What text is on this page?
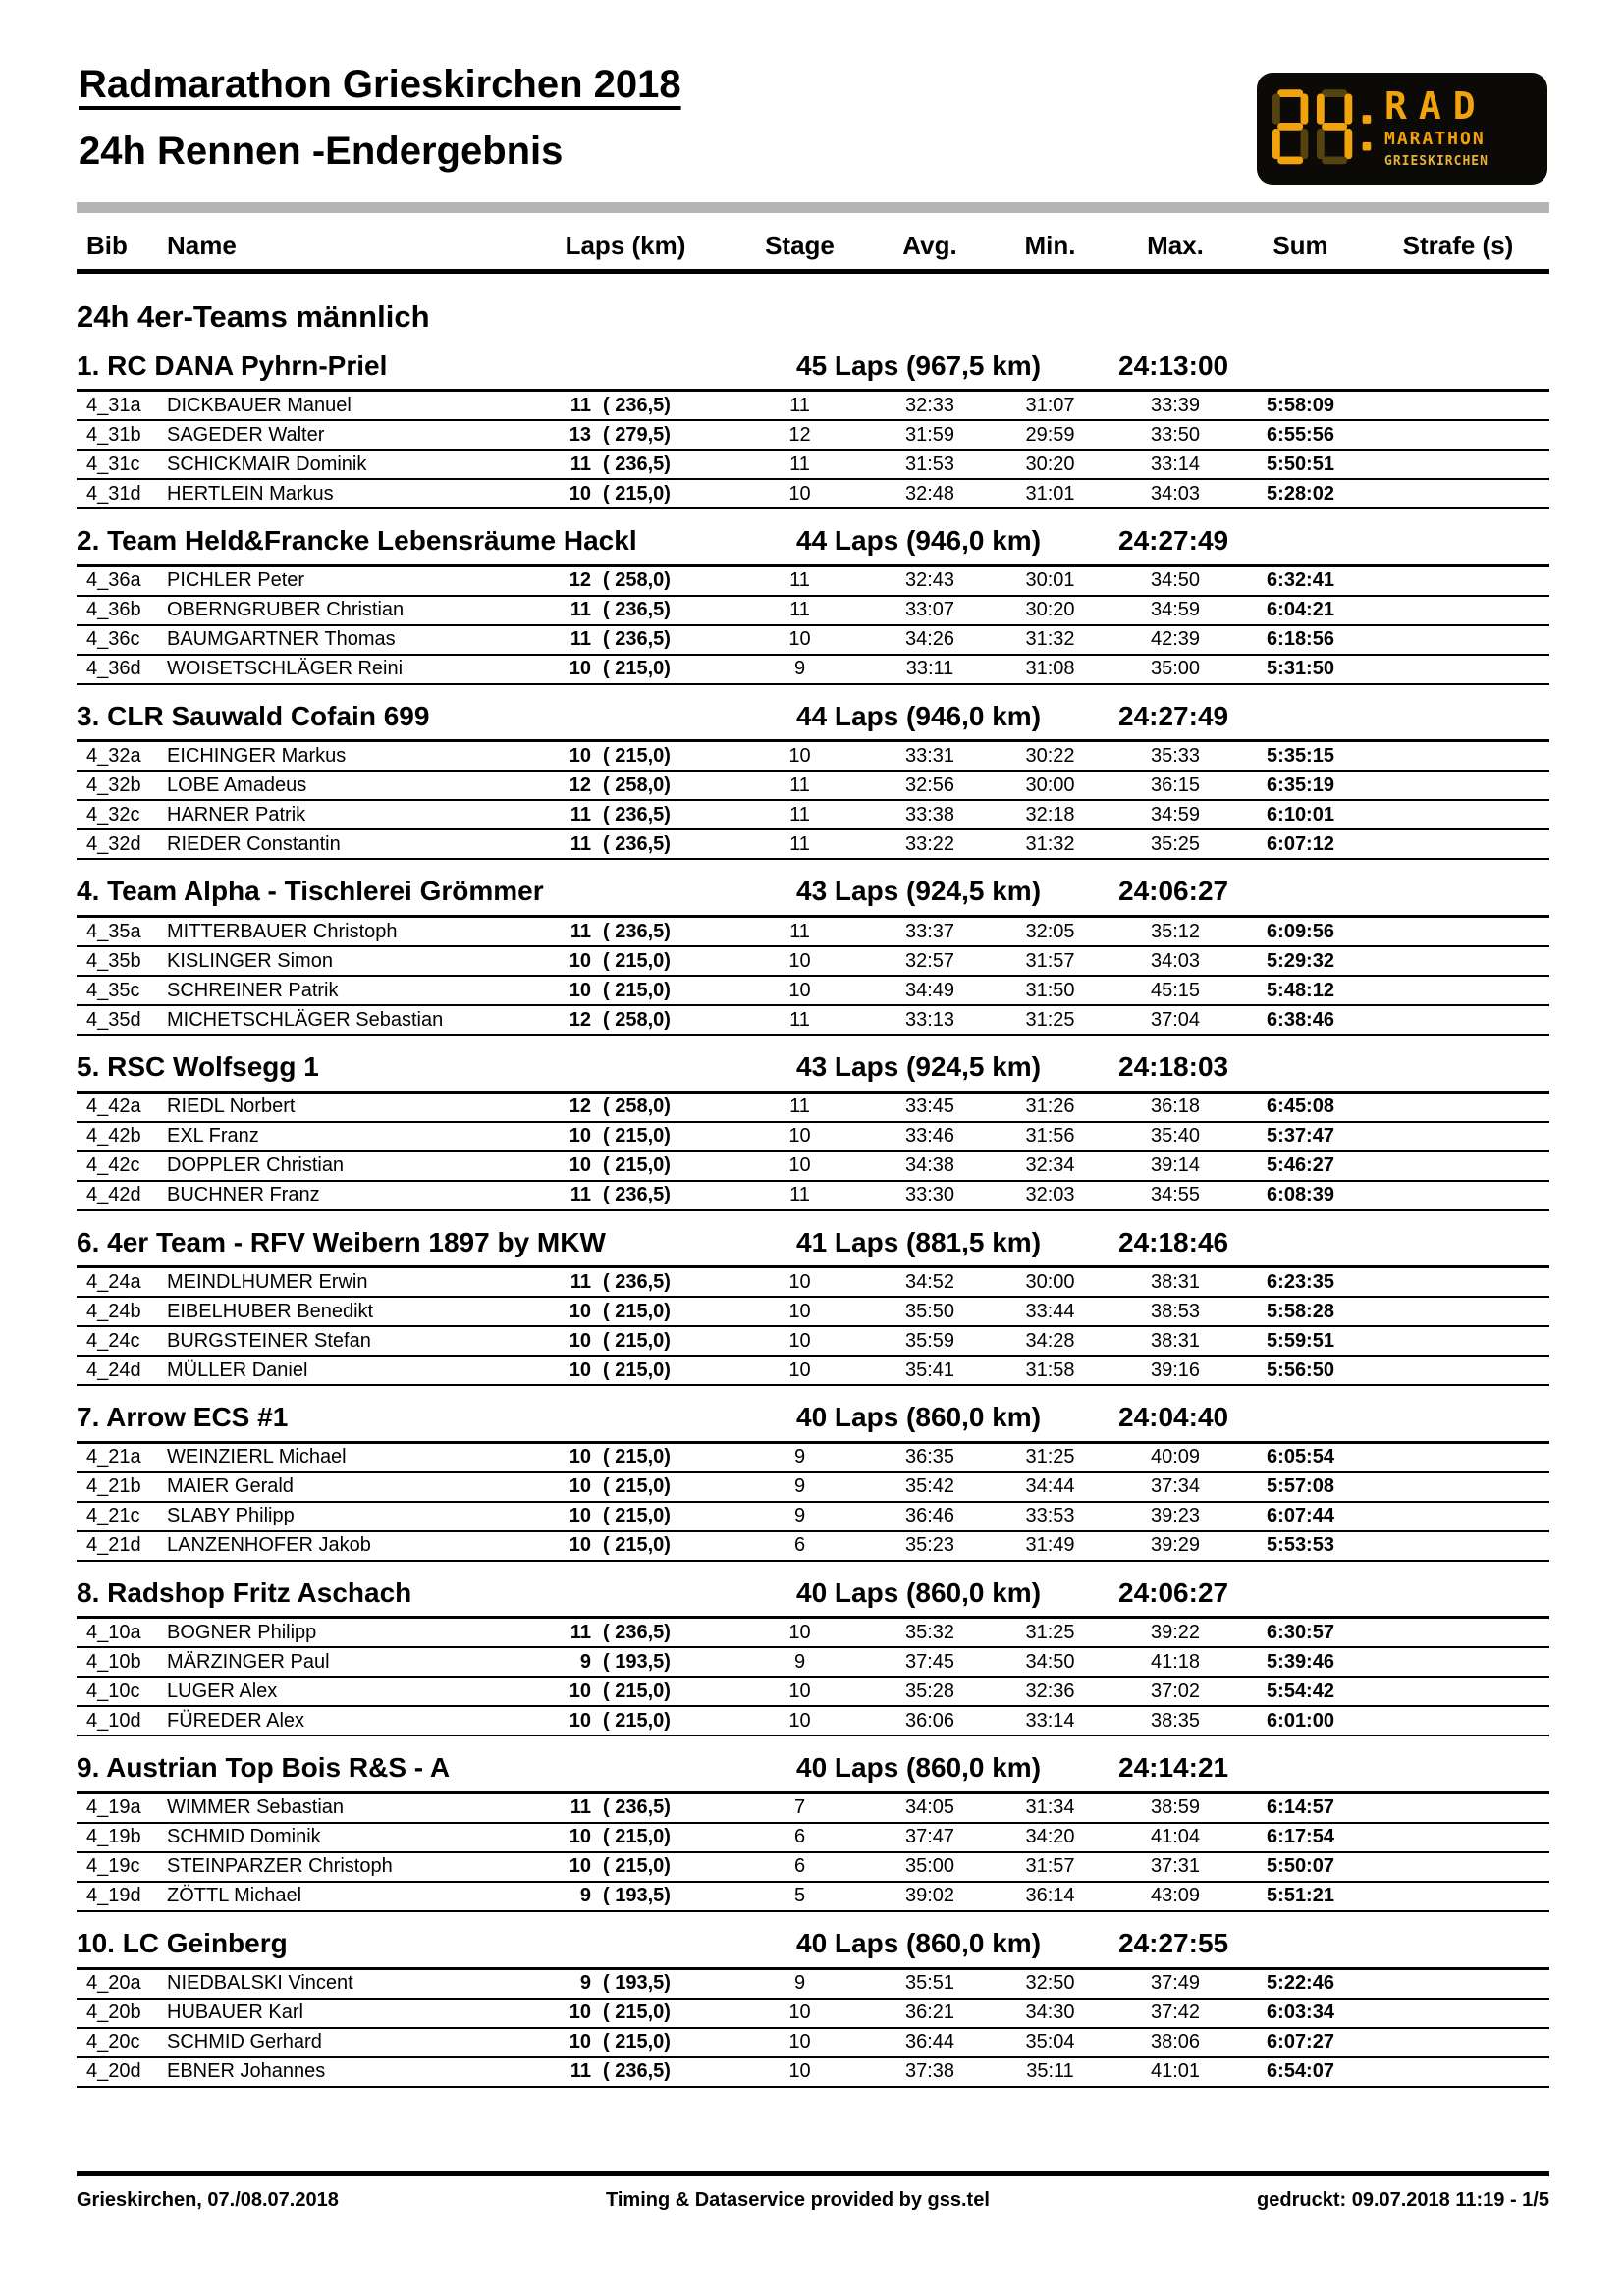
Radmarathon Grieskirchen 2018

24h Rennen -Endergebnis
RAD
MARATHON
GRIESKIRCHEN
Bib	Name	Laps (km)	Stage	Avg.	Min.	Max.	Sum	Strafe (s)
24h 4er-Teams männlich
1. RC DANA Pyhrn-Priel	45 Laps (967,5 km)	24:13:00
4_31a	DICKBAUER Manuel	11 ( 236,5)	11	32:33	31:07	33:39	5:58:09	
4_31b	SAGEDER Walter	13 ( 279,5)	12	31:59	29:59	33:50	6:55:56	
4_31c	SCHICKMAIR Dominik	11 ( 236,5)	11	31:53	30:20	33:14	5:50:51	
4_31d	HERTLEIN Markus	10 ( 215,0)	10	32:48	31:01	34:03	5:28:02	
2. Team Held&Francke Lebensräume Hackl	44 Laps (946,0 km)	24:27:49
4_36a	PICHLER Peter	12 ( 258,0)	11	32:43	30:01	34:50	6:32:41	
4_36b	OBERNGRUBER Christian	11 ( 236,5)	11	33:07	30:20	34:59	6:04:21	
4_36c	BAUMGARTNER Thomas	11 ( 236,5)	10	34:26	31:32	42:39	6:18:56	
4_36d	WOISETSCHLÄGER Reini	10 ( 215,0)	9	33:11	31:08	35:00	5:31:50	
3. CLR Sauwald Cofain 699	44 Laps (946,0 km)	24:27:49
4_32a	EICHINGER Markus	10 ( 215,0)	10	33:31	30:22	35:33	5:35:15	
4_32b	LOBE Amadeus	12 ( 258,0)	11	32:56	30:00	36:15	6:35:19	
4_32c	HARNER Patrik	11 ( 236,5)	11	33:38	32:18	34:59	6:10:01	
4_32d	RIEDER Constantin	11 ( 236,5)	11	33:22	31:32	35:25	6:07:12	
4. Team Alpha - Tischlerei Grömmer	43 Laps (924,5 km)	24:06:27
4_35a	MITTERBAUER Christoph	11 ( 236,5)	11	33:37	32:05	35:12	6:09:56	
4_35b	KISLINGER Simon	10 ( 215,0)	10	32:57	31:57	34:03	5:29:32	
4_35c	SCHREINER Patrik	10 ( 215,0)	10	34:49	31:50	45:15	5:48:12	
4_35d	MICHETSCHLÄGER Sebastian	12 ( 258,0)	11	33:13	31:25	37:04	6:38:46	
5. RSC Wolfsegg 1	43 Laps (924,5 km)	24:18:03
4_42a	RIEDL Norbert	12 ( 258,0)	11	33:45	31:26	36:18	6:45:08	
4_42b	EXL Franz	10 ( 215,0)	10	33:46	31:56	35:40	5:37:47	
4_42c	DOPPLER Christian	10 ( 215,0)	10	34:38	32:34	39:14	5:46:27	
4_42d	BUCHNER Franz	11 ( 236,5)	11	33:30	32:03	34:55	6:08:39	
6. 4er Team - RFV Weibern 1897 by MKW	41 Laps (881,5 km)	24:18:46
4_24a	MEINDLHUMER Erwin	11 ( 236,5)	10	34:52	30:00	38:31	6:23:35	
4_24b	EIBELHUBER Benedikt	10 ( 215,0)	10	35:50	33:44	38:53	5:58:28	
4_24c	BURGSTEINER Stefan	10 ( 215,0)	10	35:59	34:28	38:31	5:59:51	
4_24d	MÜLLER Daniel	10 ( 215,0)	10	35:41	31:58	39:16	5:56:50	
7. Arrow ECS #1	40 Laps (860,0 km)	24:04:40
4_21a	WEINZIERL Michael	10 ( 215,0)	9	36:35	31:25	40:09	6:05:54	
4_21b	MAIER Gerald	10 ( 215,0)	9	35:42	34:44	37:34	5:57:08	
4_21c	SLABY Philipp	10 ( 215,0)	9	36:46	33:53	39:23	6:07:44	
4_21d	LANZENHOFER Jakob	10 ( 215,0)	6	35:23	31:49	39:29	5:53:53	
8. Radshop Fritz Aschach	40 Laps (860,0 km)	24:06:27
4_10a	BOGNER Philipp	11 ( 236,5)	10	35:32	31:25	39:22	6:30:57	
4_10b	MÄRZINGER Paul	9 ( 193,5)	9	37:45	34:50	41:18	5:39:46	
4_10c	LUGER Alex	10 ( 215,0)	10	35:28	32:36	37:02	5:54:42	
4_10d	FÜREDER Alex	10 ( 215,0)	10	36:06	33:14	38:35	6:01:00	
9. Austrian Top Bois R&S - A	40 Laps (860,0 km)	24:14:21
4_19a	WIMMER Sebastian	11 ( 236,5)	7	34:05	31:34	38:59	6:14:57	
4_19b	SCHMID Dominik	10 ( 215,0)	6	37:47	34:20	41:04	6:17:54	
4_19c	STEINPARZER Christoph	10 ( 215,0)	6	35:00	31:57	37:31	5:50:07	
4_19d	ZÖTTL Michael	9 ( 193,5)	5	39:02	36:14	43:09	5:51:21	
10. LC Geinberg	40 Laps (860,0 km)	24:27:55
4_20a	NIEDBALSKI Vincent	9 ( 193,5)	9	35:51	32:50	37:49	5:22:46	
4_20b	HUBAUER Karl	10 ( 215,0)	10	36:21	34:30	37:42	6:03:34	
4_20c	SCHMID Gerhard	10 ( 215,0)	10	36:44	35:04	38:06	6:07:27	
4_20d	EBNER Johannes	11 ( 236,5)	10	37:38	35:11	41:01	6:54:07	
Grieskirchen, 07./08.07.2018	Timing & Dataservice provided by gss.tel	gedruckt: 09.07.2018 11:19 - 1/5
